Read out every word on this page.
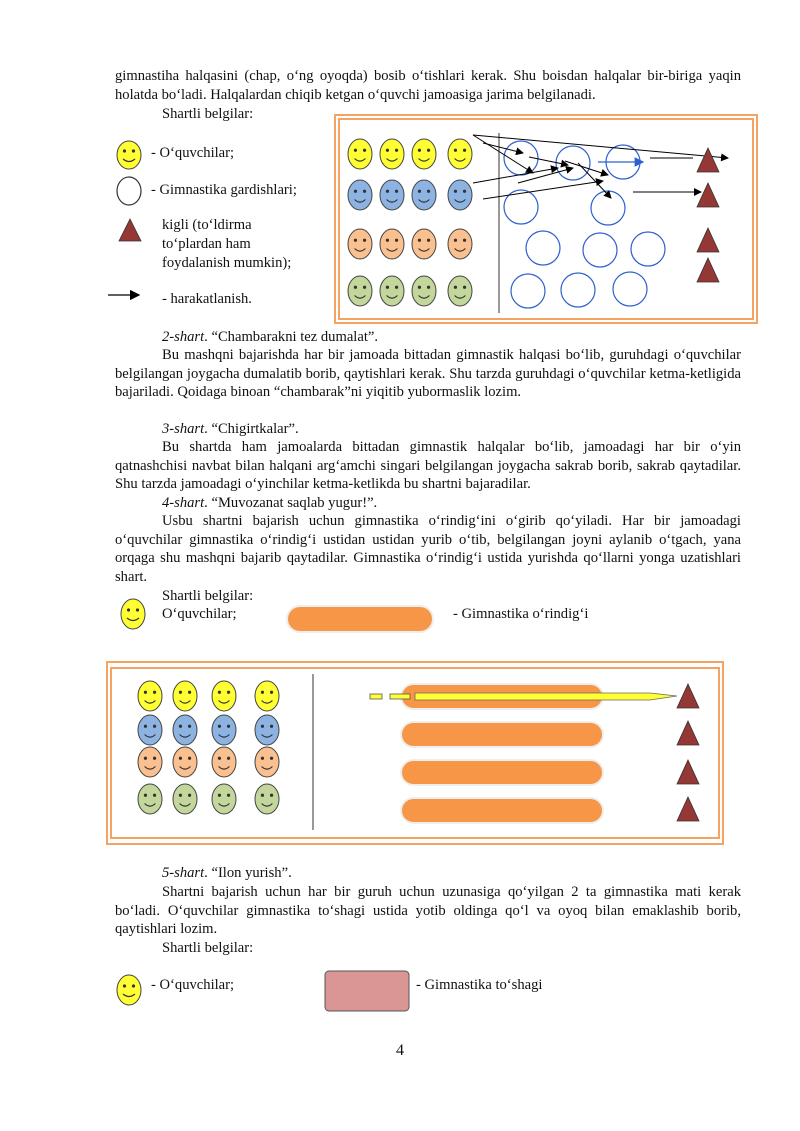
gimnastiha halqasini (chap, o‘ng oyoqda) bosib o‘tishlari kerak. Shu boisdan halqalar bir-biriga yaqin holatda bo‘ladi. Halqalardan chiqib ketgan o‘quvchi jamoasiga jarima belgilanadi.
Shartli belgilar:
- O‘quvchilar;
- Gimnastika gardishlari;
kigli (to‘ldirma
to‘plardan ham
foydalanish mumkin);
- harakatlanish.
2-shart. “Chambarakni tez dumalat”.
Bu mashqni bajarishda har bir jamoada bittadan gimnastik halqasi bo‘lib, guruhdagi o‘quvchilar belgilangan joygacha dumalatib borib, qaytishlari kerak. Shu tarzda guruhdagi o‘quvchilar ketma-ketligida bajariladi. Qoidaga binoan “chambarak”ni yiqitib yubormaslik lozim.
3-shart. “Chigirtkalar”.
Bu shartda ham jamoalarda bittadan gimnastik halqalar bo‘lib, jamoadagi har bir o‘yin qatnashchisi navbat bilan halqani arg‘amchi singari belgilangan joygacha sakrab borib, sakrab qaytadilar. Shu tarzda jamoadagi o‘yinchilar ketma-ketlikda bu shartni bajaradilar.
4-shart. “Muvozanat saqlab yugur!”.
Usbu shartni bajarish uchun gimnastika o‘rindig‘ini o‘girib qo‘yiladi. Har bir jamoadagi o‘quvchilar gimnastika o‘rindig‘i ustidan ustidan yurib o‘tib, belgilangan joyni aylanib o‘tgach, yana orqaga shu mashqni bajarib qaytadilar. Gimnastika o‘rindig‘i ustida yurishda qo‘llarni yonga uzatishlari shart.
Shartli belgilar:
O‘quvchilar;	- Gimnastika o‘rindig‘i
5-shart. “Ilon yurish”.
Shartni bajarish uchun har bir guruh uchun uzunasiga qo‘yilgan 2 ta gimnastika mati kerak bo‘ladi. O‘quvchilar gimnastika to‘shagi ustida yotib oldinga qo‘l va oyoq bilan emaklashib borib, qaytishlari lozim.
Shartli belgilar:
- O‘quvchilar;	- Gimnastika to‘shagi
4
